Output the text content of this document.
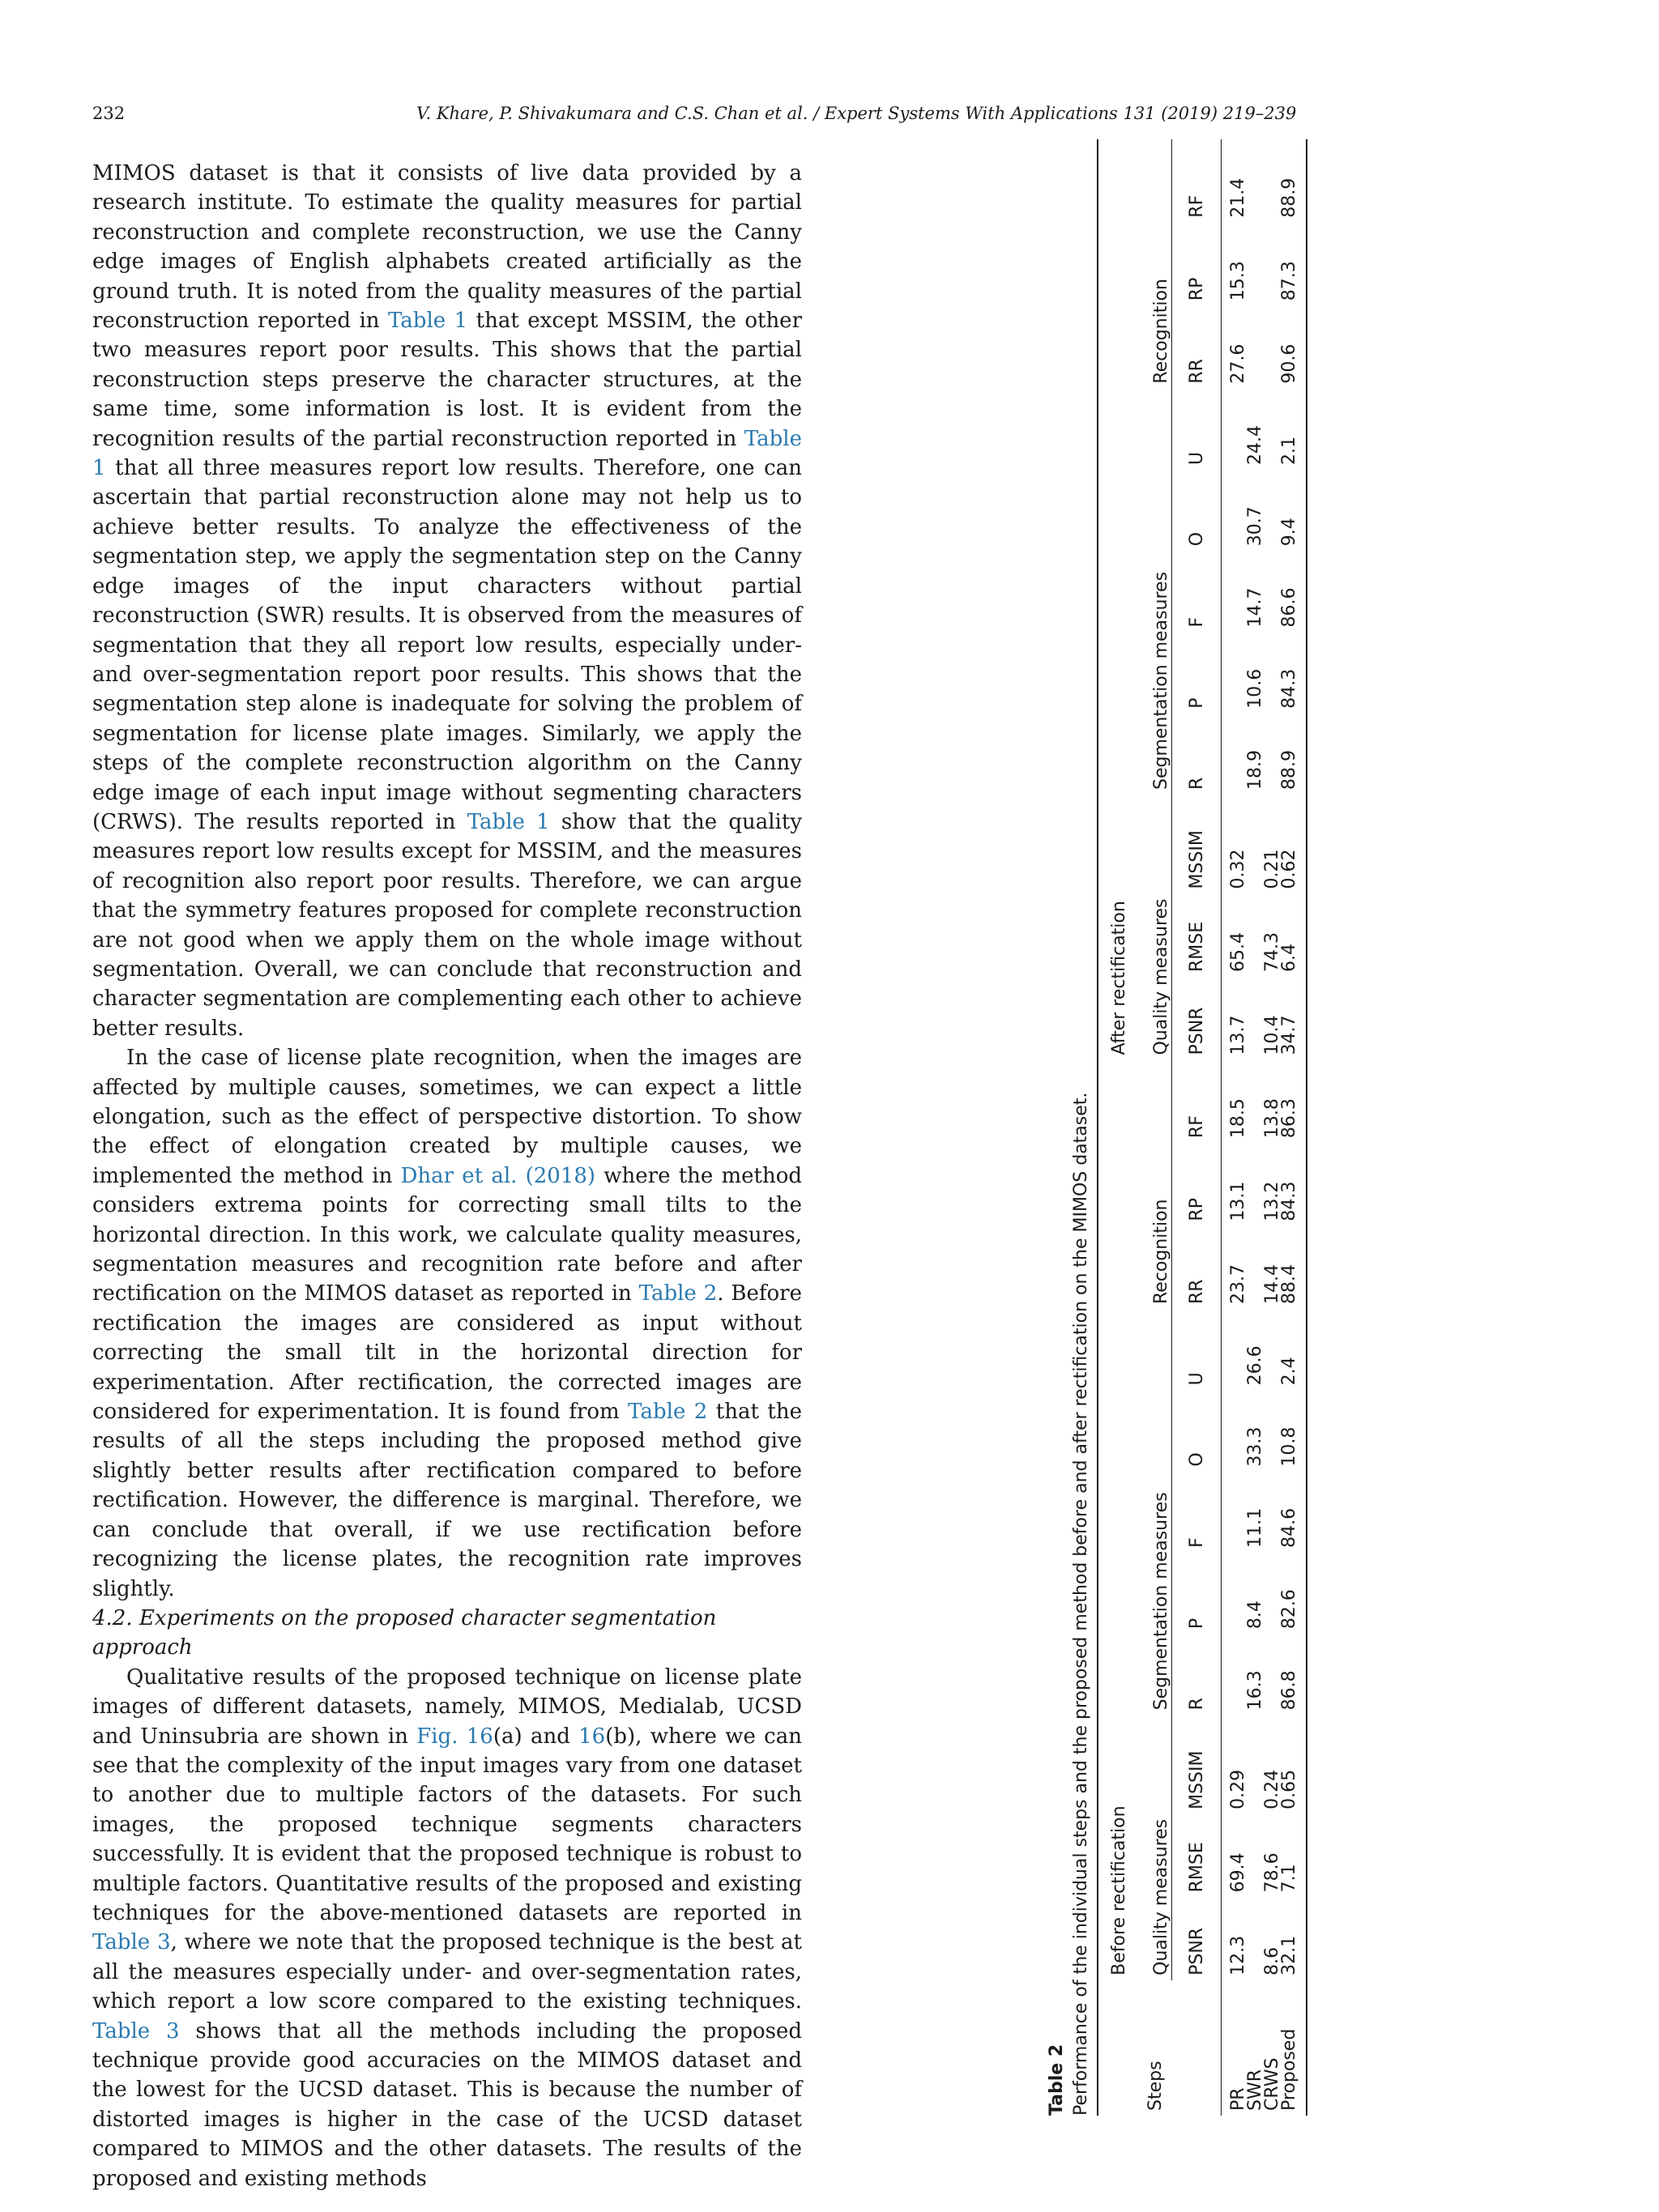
232	V. Khare, P. Shivakumara and C.S. Chan et al. / Expert Systems With Applications 131 (2019) 219–239

MIMOS dataset is that it consists of live data provided by a research institute. To estimate the quality measures for partial reconstruction and complete reconstruction, we use the Canny edge images of English alphabets created artificially as the ground truth. It is noted from the quality measures of the partial reconstruction reported in Table 1 that except MSSIM, the other two measures report poor results. This shows that the partial reconstruction steps preserve the character structures, at the same time, some information is lost. It is evident from the recognition results of the partial reconstruction reported in Table 1 that all three measures report low results. Therefore, one can ascertain that partial reconstruction alone may not help us to achieve better results. To analyze the effectiveness of the segmentation step, we apply the segmentation step on the Canny edge images of the input characters without partial reconstruction (SWR) results. It is observed from the measures of segmentation that they all report low results, especially under- and over-segmentation report poor results. This shows that the segmentation step alone is inadequate for solving the problem of segmentation for license plate images. Similarly, we apply the steps of the complete reconstruction algorithm on the Canny edge image of each input image without segmenting characters (CRWS). The results reported in Table 1 show that the quality measures report low results except for MSSIM, and the measures of recognition also report poor results. Therefore, we can argue that the symmetry features proposed for complete reconstruction are not good when we apply them on the whole image without segmentation. Overall, we can conclude that reconstruction and character segmentation are complementing each other to achieve better results.

In the case of license plate recognition, when the images are affected by multiple causes, sometimes, we can expect a little elongation, such as the effect of perspective distortion. To show the effect of elongation created by multiple causes, we implemented the method in Dhar et al. (2018) where the method considers extrema points for correcting small tilts to the horizontal direction. In this work, we calculate quality measures, segmentation measures and recognition rate before and after rectification on the MIMOS dataset as reported in Table 2. Before rectification the images are considered as input without correcting the small tilt in the horizontal direction for experimentation. After rectification, the corrected images are considered for experimentation. It is found from Table 2 that the results of all the steps including the proposed method give slightly better results after rectification compared to before rectification. However, the difference is marginal. Therefore, we can conclude that overall, if we use rectification before recognizing the license plates, the recognition rate improves slightly.

4.2. Experiments on the proposed character segmentation approach

Qualitative results of the proposed technique on license plate images of different datasets, namely, MIMOS, Medialab, UCSD and Uninsubria are shown in Fig. 16(a) and 16(b), where we can see that the complexity of the input images vary from one dataset to another due to multiple factors of the datasets. For such images, the proposed technique segments characters successfully. It is evident that the proposed technique is robust to multiple factors. Quantitative results of the proposed and existing techniques for the above-mentioned datasets are reported in Table 3, where we note that the proposed technique is the best at all the measures especially under- and over-segmentation rates, which report a low score compared to the existing techniques. Table 3 shows that all the methods including the proposed technique provide good accuracies on the MIMOS dataset and the lowest for the UCSD dataset. This is because the number of distorted images is higher in the case of the UCSD dataset compared to MIMOS and the other datasets. The results of the proposed and existing methods

Table 2 Performance of the individual steps and the proposed method before and after rectification on the MIMOS dataset.
	Before rectification											After rectification										
Steps	Quality measures			Segmentation measures					Recognition			Quality measures			Segmentation measures					Recognition		
	PSNR	RMSE	MSSIM	R	P	F	O	U	RR	RP	RF	PSNR	RMSE	MSSIM	R	P	F	O	U	RR	RP	RF
PR	12.3	69.4	0.29						23.7	13.1	18.5	13.7	65.4	0.32						27.6	15.3	21.4
SWR				16.3	8.4	11.1	33.3	26.6							18.9	10.6	14.7	30.7	24.4			
CRWS	8.6	78.6	0.24						14.4	13.2	13.8	10.4	74.3	0.21								
Proposed	32.1	7.1	0.65	86.8	82.6	84.6	10.8	2.4	88.4	84.3	86.3	34.7	6.4	0.62	88.9	84.3	86.6	9.4	2.1	90.6	87.3	88.9
